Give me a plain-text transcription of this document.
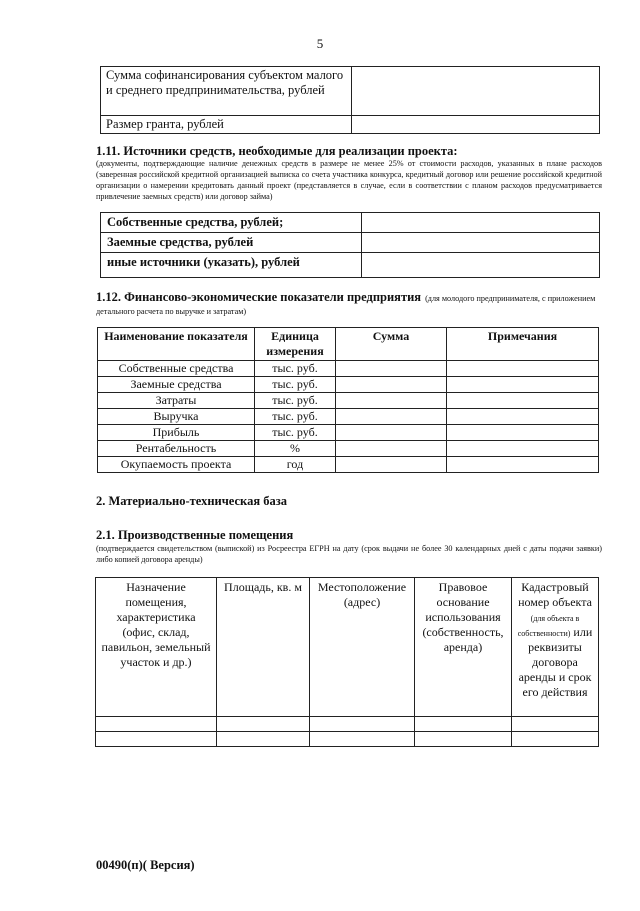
5
Сумма софинансирования субъектом малого и среднего предпринимательства, рублей	
Размер гранта, рублей	
1.11. Источники средств, необходимые для реализации проекта:
(документы, подтверждающие наличие денежных средств в размере не менее 25% от стоимости расходов, указанных в плане расходов (заверенная российской кредитной организацией выписка со счета участника конкурса, кредитный договор или решение российской кредитной организации о намерении кредитовать данный проект (представляется в случае, если в соответствии с планом расходов предусматривается привлечение заемных средств) или договор займа)
Собственные средства, рублей;	
Заемные средства, рублей	
иные источники (указать), рублей	
1.12. Финансово-экономические показатели предприятия (для молодого предпринимателя, с приложением детального расчета по выручке и затратам)
Наименование показателя	Единица измерения	Сумма	Примечания
Собственные средства	тыс. руб.		
Заемные средства	тыс. руб.		
Затраты	тыс. руб.		
Выручка	тыс. руб.		
Прибыль	тыс. руб.		
Рентабельность	%		
Окупаемость проекта	год		
2. Материально-техническая база
2.1. Производственные помещения
(подтверждается свидетельством (выпиской) из Росреестра ЕГРН на дату (срок выдачи не более 30 календарных дней с даты подачи заявки) либо копией договора аренды)
Назначение помещения, характеристика (офис, склад, павильон, земельный участок и др.)	Площадь, кв. м	Местоположение (адрес)	Правовое основание использования (собственность, аренда)	Кадастровый номер объекта (для объекта в собственности) или реквизиты договора аренды и срок его действия

00490(п)( Версия)
